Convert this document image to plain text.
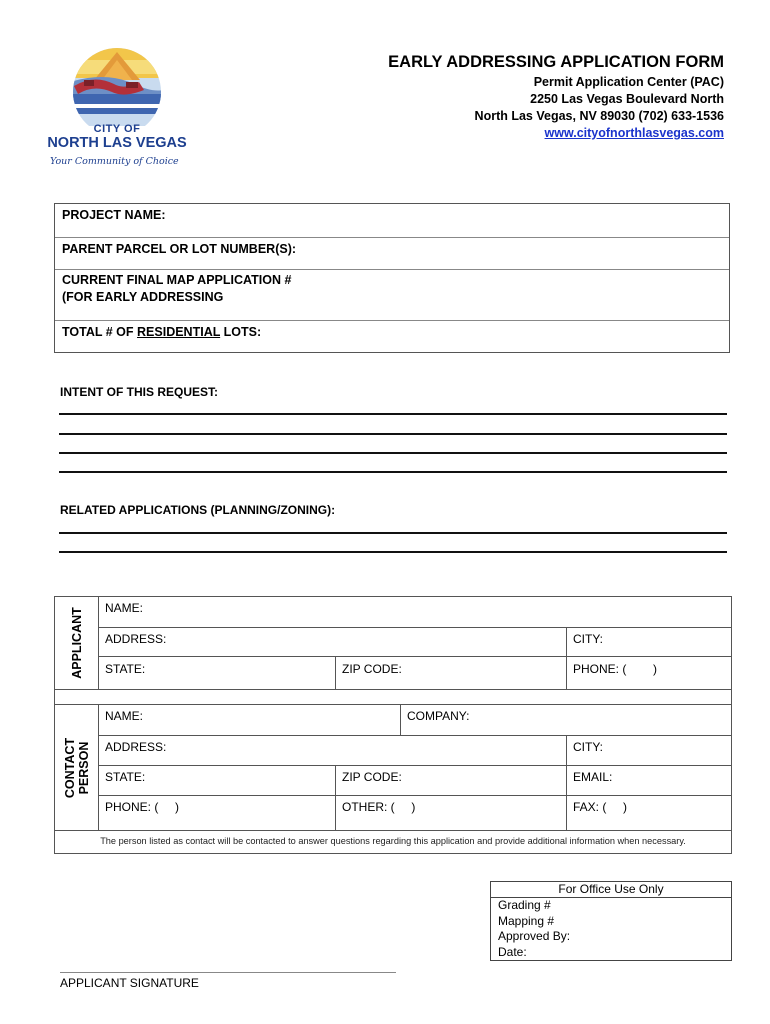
CITY OF
NORTH LAS VEGAS
Your Community of Choice
EARLY ADDRESSING APPLICATION FORM
Permit Application Center (PAC)
2250 Las Vegas Boulevard North
North Las Vegas, NV 89030 (702) 633-1536
www.cityofnorthlasvegas.com
PROJECT NAME:
PARENT PARCEL OR LOT NUMBER(S):
CURRENT FINAL MAP APPLICATION #
(FOR EARLY ADDRESSING
TOTAL # OF RESIDENTIAL LOTS:
INTENT OF THIS REQUEST:
RELATED APPLICATIONS (PLANNING/ZONING):
APPLICANT	NAME:
ADDRESS:	CITY:
STATE:	ZIP CODE:	PHONE: (        )
CONTACT PERSON
NAME:	COMPANY:
ADDRESS:	CITY:
STATE:	ZIP CODE:	EMAIL:
PHONE: (     )	OTHER: (     )	FAX: (     )
The person listed as contact will be contacted to answer questions regarding this application and provide additional information when necessary.
For Office Use Only
Grading #
Mapping #
Approved By:
Date:
APPLICANT SIGNATURE
